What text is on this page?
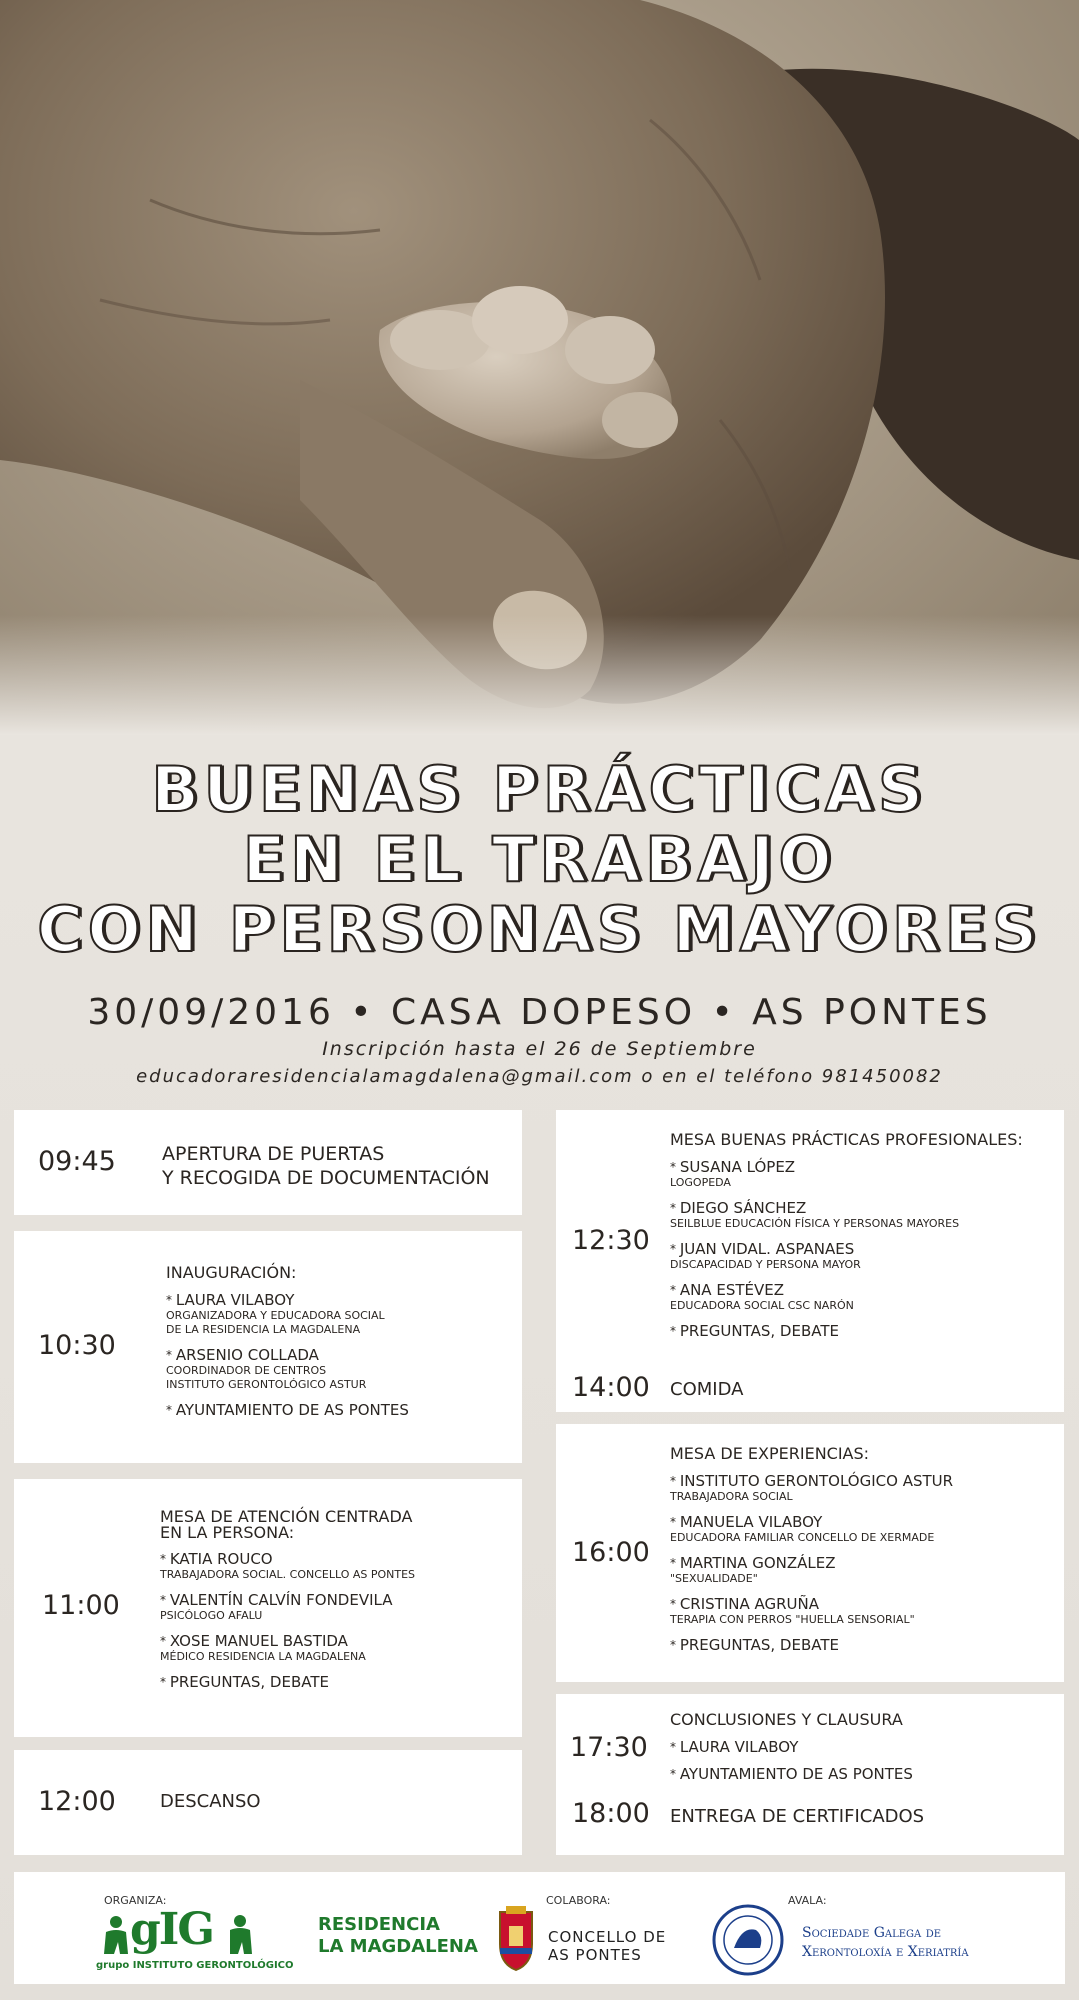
BUENAS PRÁCTICAS
EN EL TRABAJO
CON PERSONAS MAYORES
30/09/2016 • CASA DOPESO • AS PONTES
Inscripción hasta el 26 de Septiembre
educadoraresidencialamagdalena@gmail.com o en el teléfono 981450082
09:45 APERTURA DE PUERTAS
Y RECOGIDA DE DOCUMENTACIÓN
10:30
INAUGURACIÓN:
* LAURA VILABOY
ORGANIZADORA Y EDUCADORA SOCIAL
DE LA RESIDENCIA LA MAGDALENA
* ARSENIO COLLADA
COORDINADOR DE CENTROS
INSTITUTO GERONTOLÓGICO ASTUR
* AYUNTAMIENTO DE AS PONTES
11:00
MESA DE ATENCIÓN CENTRADA
EN LA PERSONA:
* KATIA ROUCO
TRABAJADORA SOCIAL. CONCELLO AS PONTES
* VALENTÍN CALVÍN FONDEVILA
PSICÓLOGO AFALU
* XOSE MANUEL BASTIDA
MÉDICO RESIDENCIA LA MAGDALENA
* PREGUNTAS, DEBATE
12:00 DESCANSO
12:30
MESA BUENAS PRÁCTICAS PROFESIONALES:
* SUSANA LÓPEZ
LOGOPEDA
* DIEGO SÁNCHEZ
SEILBLUE EDUCACIÓN FÍSICA Y PERSONAS MAYORES
* JUAN VIDAL. ASPANAES
DISCAPACIDAD Y PERSONA MAYOR
* ANA ESTÉVEZ
EDUCADORA SOCIAL CSC NARÓN
* PREGUNTAS, DEBATE
14:00 COMIDA
16:00
MESA DE EXPERIENCIAS:
* INSTITUTO GERONTOLÓGICO ASTUR
TRABAJADORA SOCIAL
* MANUELA VILABOY
EDUCADORA FAMILIAR CONCELLO DE XERMADE
* MARTINA GONZÁLEZ
"SEXUALIDADE"
* CRISTINA AGRUÑA
TERAPIA CON PERROS "HUELLA SENSORIAL"
* PREGUNTAS, DEBATE
17:30
CONCLUSIONES Y CLAUSURA
* LAURA VILABOY
* AYUNTAMIENTO DE AS PONTES
18:00 ENTREGA DE CERTIFICADOS
ORGANIZA:
gIG
grupo INSTITUTO GERONTOLÓGICO
RESIDENCIA
LA MAGDALENA
COLABORA:
CONCELLO DE
AS PONTES
AVALA:
Sociedade Galega de
Xerontoloxía e Xeriatría
